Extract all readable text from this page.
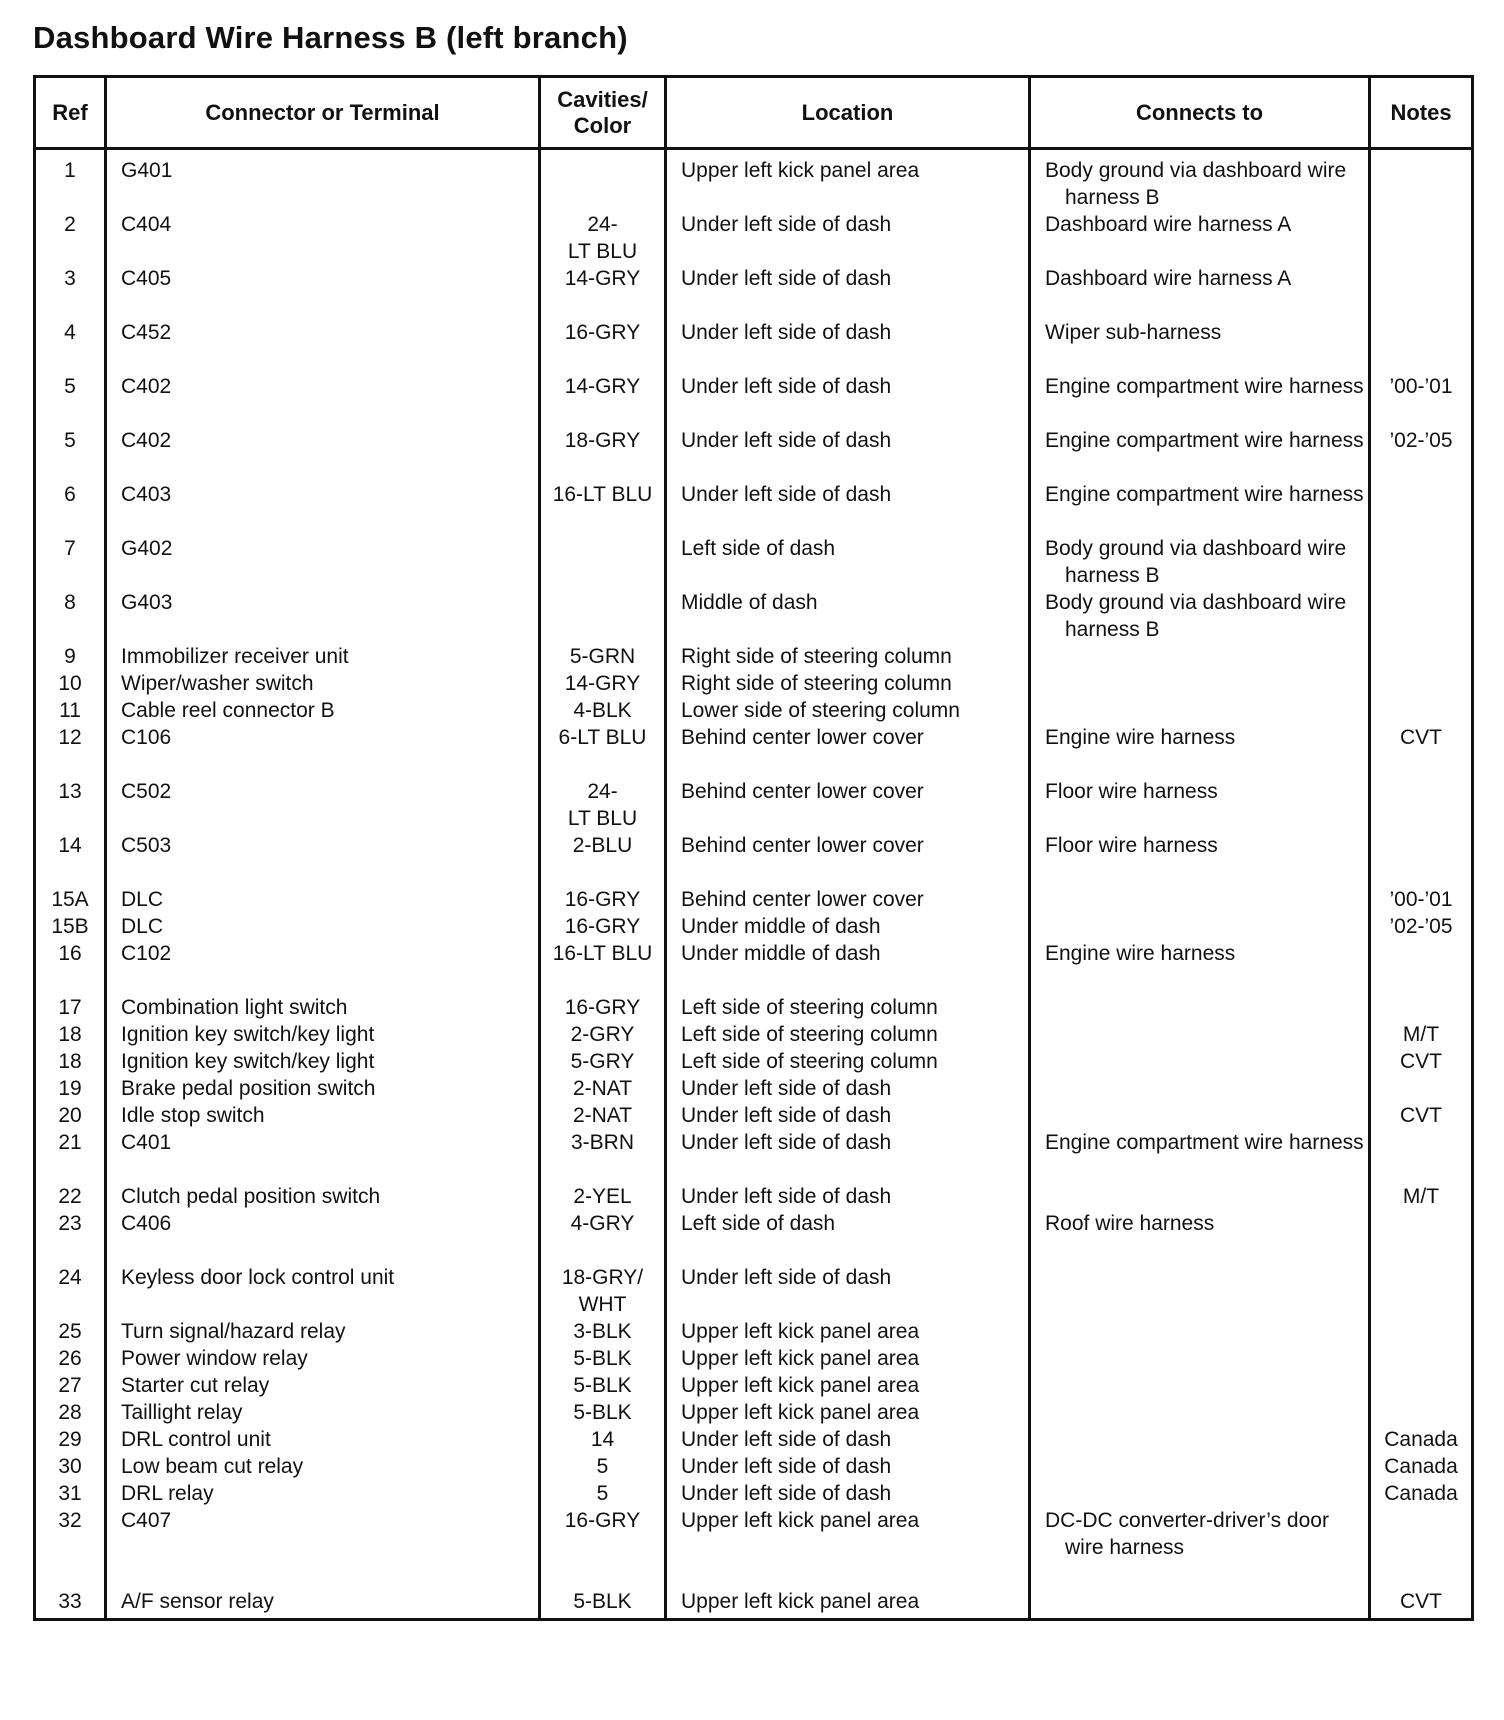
Dashboard Wire Harness B (left branch)
Ref	Connector or Terminal	Cavities/
Color	Location	Connects to	Notes
1	G401		Upper left kick panel area	Body ground via dashboard wire harness B	

2	C404	24-
LT BLU	Under left side of dash	Dashboard wire harness A	

3	C405	14-GRY	Under left side of dash	Dashboard wire harness A	

4	C452	16-GRY	Under left side of dash	Wiper sub-harness	

5	C402	14-GRY	Under left side of dash	Engine compartment wire harness	’00-’01
5	C402	18-GRY	Under left side of dash	Engine compartment wire harness	’02-’05
6	C403	16-LT BLU	Under left side of dash	Engine compartment wire harness	

7	G402		Left side of dash	Body ground via dashboard wire harness B	

8	G403		Middle of dash	Body ground via dashboard wire harness B	

9	Immobilizer receiver unit	5-GRN	Right side of steering column	

10	Wiper/washer switch	14-GRY	Right side of steering column	

11	Cable reel connector B	4-BLK	Lower side of steering column	

12	C106	6-LT BLU	Behind center lower cover	Engine wire harness	CVT
13	C502	24-
LT BLU	Behind center lower cover	Floor wire harness	

14	C503	2-BLU	Behind center lower cover	Floor wire harness	

15A	DLC	16-GRY	Behind center lower cover		’00-’01
15B	DLC	16-GRY	Under middle of dash		’02-’05
16	C102	16-LT BLU	Under middle of dash	Engine wire harness	

17	Combination light switch	16-GRY	Left side of steering column	

18	Ignition key switch/key light	2-GRY	Left side of steering column		M/T
18	Ignition key switch/key light	5-GRY	Left side of steering column		CVT
19	Brake pedal position switch	2-NAT	Under left side of dash	

20	Idle stop switch	2-NAT	Under left side of dash		CVT
21	C401	3-BRN	Under left side of dash	Engine compartment wire harness	

22	Clutch pedal position switch	2-YEL	Under left side of dash		M/T
23	C406	4-GRY	Left side of dash	Roof wire harness	

24	Keyless door lock control unit	18-GRY/
WHT	Under left side of dash	

25	Turn signal/hazard relay	3-BLK	Upper left kick panel area	

26	Power window relay	5-BLK	Upper left kick panel area	

27	Starter cut relay	5-BLK	Upper left kick panel area	

28	Taillight relay	5-BLK	Upper left kick panel area	

29	DRL control unit	14	Under left side of dash		Canada
30	Low beam cut relay	5	Under left side of dash		Canada
31	DRL relay	5	Under left side of dash		Canada
32	C407	16-GRY	Upper left kick panel area	DC-DC converter-driver’s door wire harness	

33	A/F sensor relay	5-BLK	Upper left kick panel area		CVT
